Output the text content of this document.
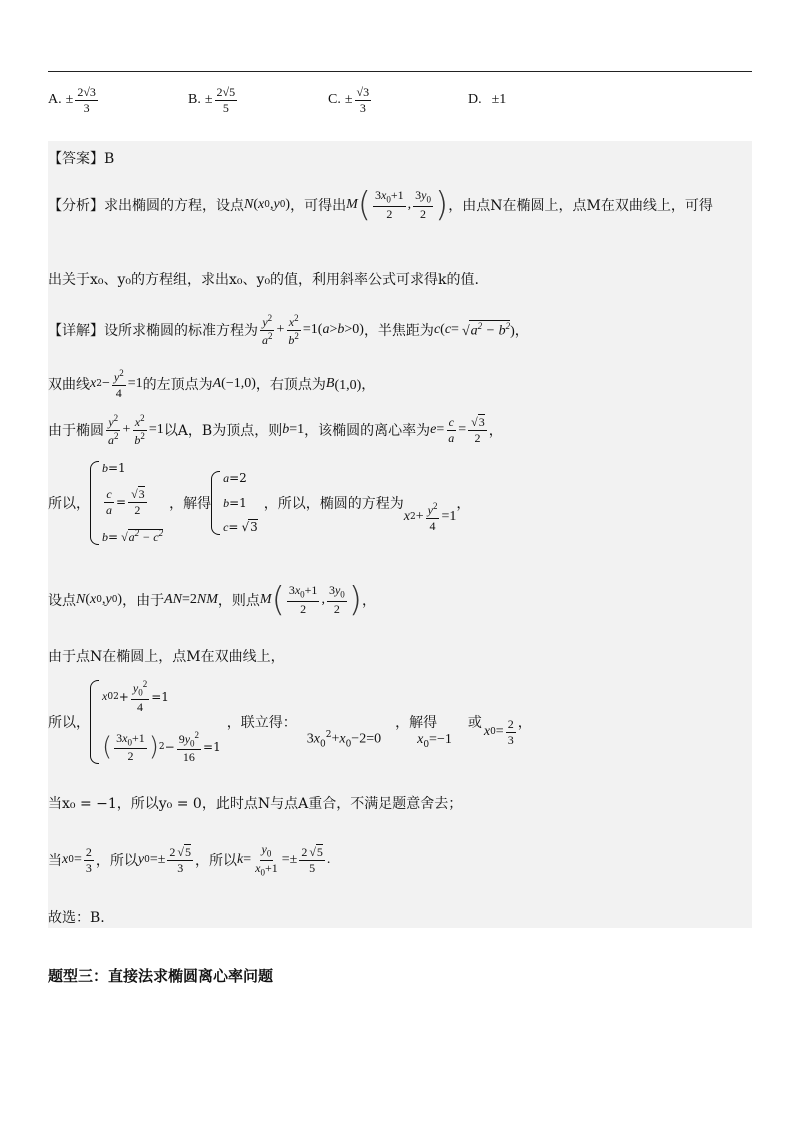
A. ± $\frac{2√3}{3}$	B. ± $\frac{2√5}{5}$	C. ± $\frac{√3}{3}$	D. ±1
【答案】B
【分析】求出椭圆的方程，设点 N ( x 0 , y 0 ) ，可得出 M ( $\frac{3x_0+1}{2}$ , $\frac{3y_0}{2}$ ) ，由点N在椭圆上，点M在双曲线上，可得
出关于x₀、y₀的方程组，求出x₀、y₀的值，利用斜率公式可求得k的值.
【详解】设所求椭圆的标准方程为 $\frac{y^2}{a^2} + \frac{x^2}{b^2} =1$( a > b >0) ，半焦距为 c ( c = √ $a^2 - b^2$ )，
双曲线 x $2 - \frac{y^2}{4} =1$ 的左顶点为 A (−1,0) ，右顶点为 B (1,0)，
由于椭圆 $\frac{y^2}{a^2} + \frac{x^2}{b^2} =1$ 以A，B为顶点，则 b =1 ，该椭圆的离心率为 $e = \frac{c}{a}$ = √ $\frac{3}{2}$ ，
所以，
b=1
$\frac{c}{a}$ = √ $\frac{3}{2}$
b= √ $a^2 - c^2$
，解得
a=2
b=1
c= √ 3
，所以，椭圆的方程为
x $2 + \frac{y^2}{4} =1$
，
设点 N ( x 0 , y 0 ) ，由于 AN =2 NM ，则点 M ( $\frac{3x_0+1}{2}$ , $\frac{3y_0}{2}$ ) ，
由于点N在椭圆上，点M在双曲线上，
所以，
x 0 $2 + \frac{y_0^2}{4} =1$
( $\frac{3x_0+1}{2}$ ) $2 - \frac{9y_0^2}{16} =1$
，联立得：
$3x_0^2+x_0-2=0$
，解得
$x_0=-1$
或
x $0 = \frac{2}{3}$ ，
当x₀ = −1，所以y₀ = 0，此时点N与点A重合，不满足题意舍去；
当 x $0 = \frac{2}{3}$ ，所以 y $0 =\pm \frac{2 √ 5}{3}$ ，所以 $k = \frac{y_0}{x_0+1} =\pm \frac{2 √ 5}{5}$ .
故选：B.
题型三：直接法求椭圆离心率问题
